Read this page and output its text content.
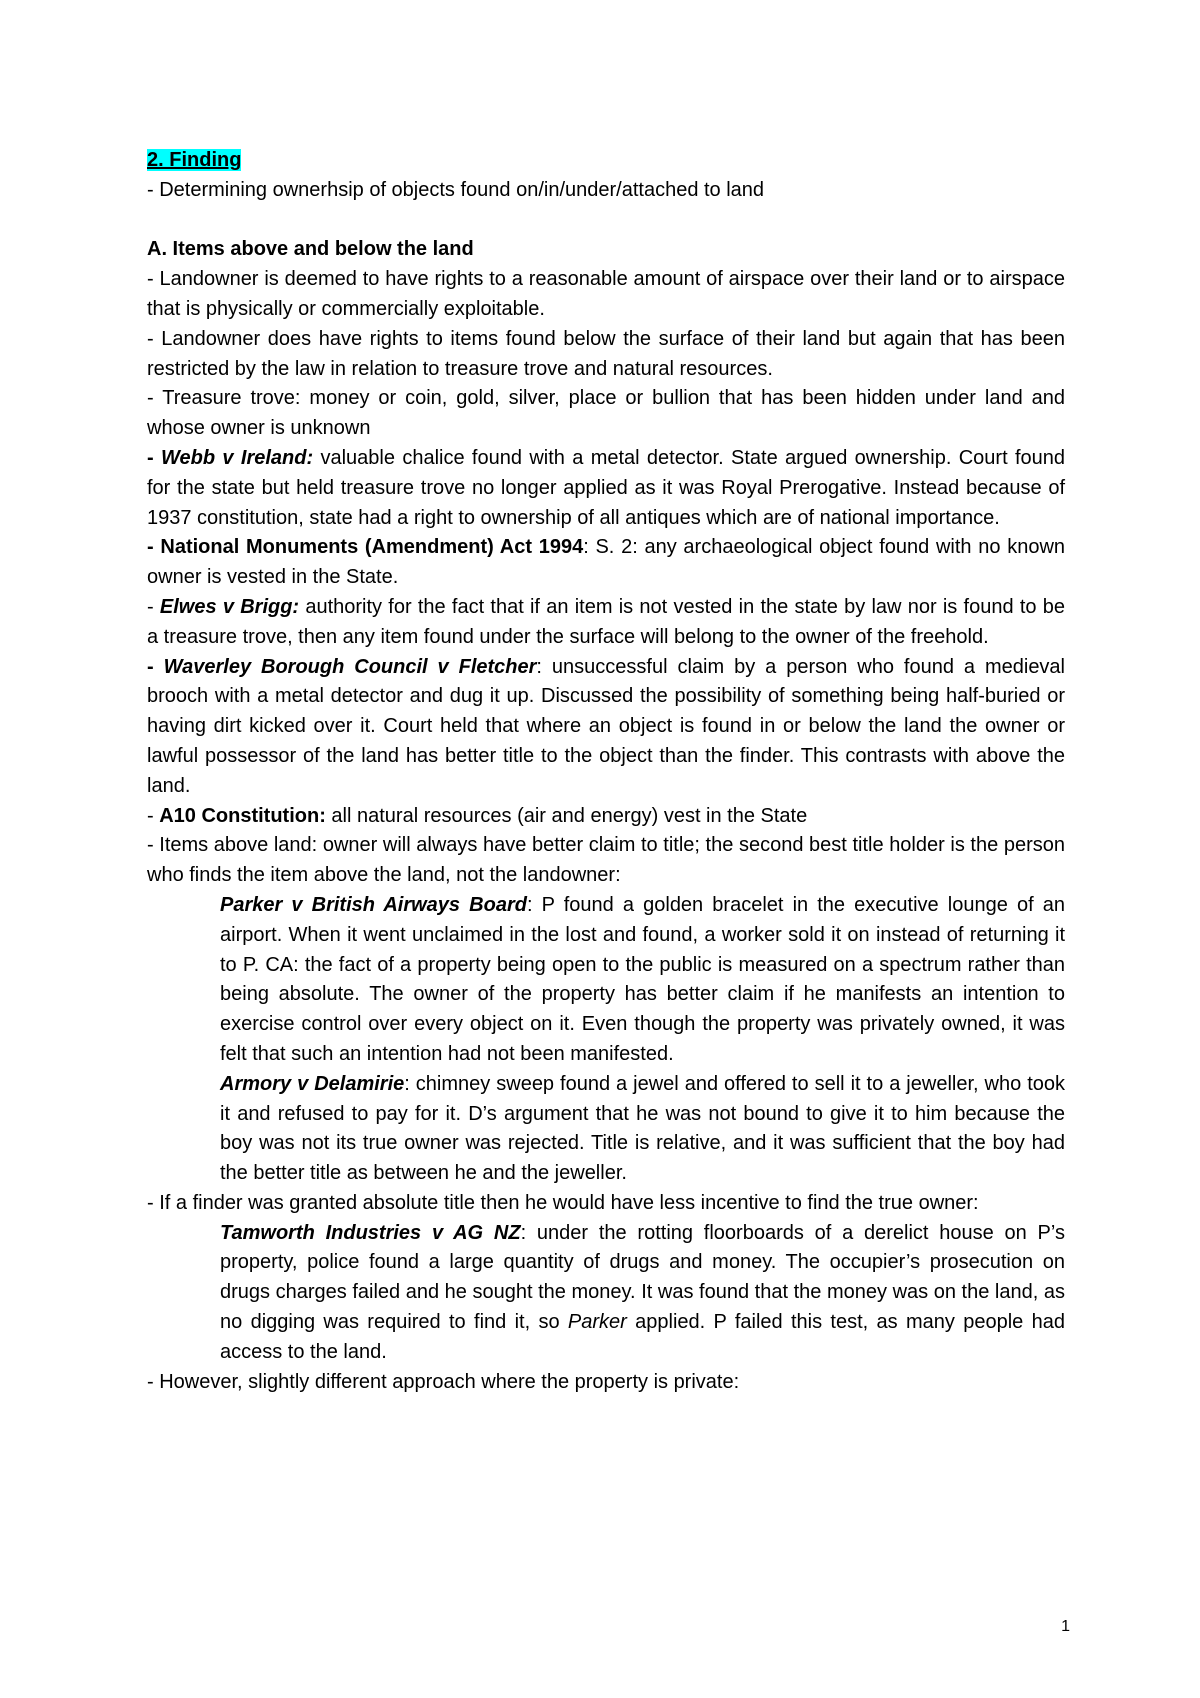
2. Finding

- Determining ownerhsip of objects found on/in/under/attached to land

A. Items above and below the land

- Landowner is deemed to have rights to a reasonable amount of airspace over their land or to airspace that is physically or commercially exploitable.

- Landowner does have rights to items found below the surface of their land but again that has been restricted by the law in relation to treasure trove and natural resources.

- Treasure trove: money or coin, gold, silver, place or bullion that has been hidden under land and whose owner is unknown

- Webb v Ireland: valuable chalice found with a metal detector. State argued ownership. Court found for the state but held treasure trove no longer applied as it was Royal Prerogative. Instead because of 1937 constitution, state had a right to ownership of all antiques which are of national importance.

- National Monuments (Amendment) Act 1994: S. 2: any archaeological object found with no known owner is vested in the State.

- Elwes v Brigg: authority for the fact that if an item is not vested in the state by law nor is found to be a treasure trove, then any item found under the surface will belong to the owner of the freehold.

- Waverley Borough Council v Fletcher: unsuccessful claim by a person who found a medieval brooch with a metal detector and dug it up. Discussed the possibility of something being half-buried or having dirt kicked over it. Court held that where an object is found in or below the land the owner or lawful possessor of the land has better title to the object than the finder. This contrasts with above the land.

- A10 Constitution: all natural resources (air and energy) vest in the State

- Items above land: owner will always have better claim to title; the second best title holder is the person who finds the item above the land, not the landowner:

Parker v British Airways Board: P found a golden bracelet in the executive lounge of an airport. When it went unclaimed in the lost and found, a worker sold it on instead of returning it to P. CA: the fact of a property being open to the public is measured on a spectrum rather than being absolute. The owner of the property has better claim if he manifests an intention to exercise control over every object on it. Even though the property was privately owned, it was felt that such an intention had not been manifested.

Armory v Delamirie: chimney sweep found a jewel and offered to sell it to a jeweller, who took it and refused to pay for it. D’s argument that he was not bound to give it to him because the boy was not its true owner was rejected. Title is relative, and it was sufficient that the boy had the better title as between he and the jeweller.

- If a finder was granted absolute title then he would have less incentive to find the true owner:

Tamworth Industries v AG NZ: under the rotting floorboards of a derelict house on P’s property, police found a large quantity of drugs and money. The occupier’s prosecution on drugs charges failed and he sought the money. It was found that the money was on the land, as no digging was required to find it, so Parker applied. P failed this test, as many people had access to the land.

- However, slightly different approach where the property is private:

1
